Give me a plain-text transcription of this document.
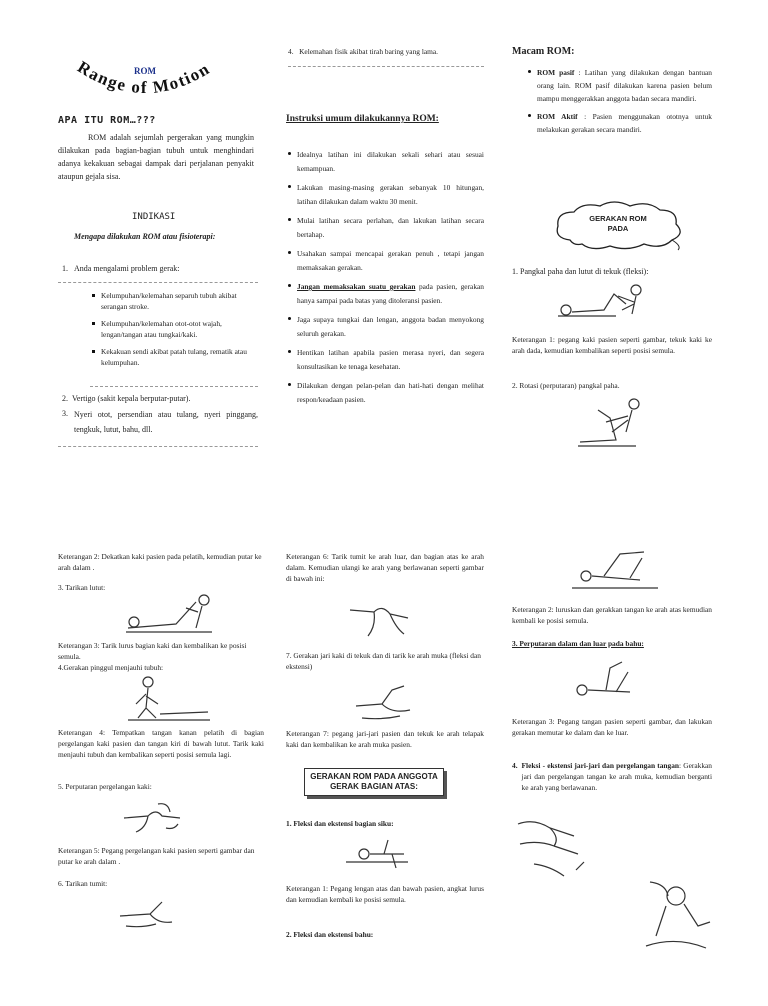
Range of Motion
ROM
APA ITU ROM…???

ROM adalah sejumlah pergerakan yang mungkin dilakukan pada bagian-bagian tubuh untuk menghindari adanya kekakuan sebagai dampak dari perjalanan penyakit ataupun gejala sisa.

INDIKASI
Mengapa dilakukan ROM atau fisioterapi:
1. Anda mengalami problem gerak:
Kelumpuhan/kelemahan separuh tubuh akibat serangan stroke.
Kelumpuhan/kelemahan otot-otot wajah, lengan/tangan atau tungkai/kaki.
Kekakuan sendi akibat patah tulang, rematik atau kelumpuhan.
2.  Vertigo (sakit kepala berputar-putar).
3. Nyeri otot, persendian atau tulang, nyeri pinggang, tengkuk, lutut, bahu, dll.
4.   Kelemahan fisik akibat tirah baring yang lama.
Instruksi umum dilakukannya ROM:
Idealnya latihan ini dilakukan sekali sehari atau sesuai kemampuan.
Lakukan masing-masing gerakan sebanyak 10 hitungan, latihan dilakukan dalam waktu 30 menit.
Mulai latihan secara perlahan, dan lakukan latihan secara bertahap.
Usahakan sampai mencapai gerakan penuh , tetapi jangan memaksakan gerakan.
Jangan memaksakan suatu gerakan pada pasien, gerakan hanya sampai pada batas yang ditoleransi pasien.
Jaga supaya tungkai dan lengan, anggota badan menyokong seluruh gerakan.
Hentikan latihan apabila pasien merasa nyeri, dan segera konsultasikan ke tenaga kesehatan.
Dilakukan dengan pelan-pelan dan hati-hati dengan melihat respon/keadaan pasien.
Macam ROM:
ROM pasif : Latihan yang dilakukan dengan bantuan orang lain. ROM pasif dilakukan karena pasien belum mampu menggerakkan anggota badan secara mandiri.
ROM Aktif : Pasien menggunakan ototnya untuk melakukan gerakan secara mandiri.
GERAKAN ROM PADA
1. Pangkal paha dan lutut di tekuk (fleksi):

Keterangan 1: pegang kaki pasien seperti gambar, tekuk kaki ke arah dada, kemudian kembalikan seperti posisi semula.

2. Rotasi (perputaran) pangkal paha.

Keterangan 2: Dekatkan kaki pasien pada pelatih, kemudian putar ke arah dalam .

3. Tarikan lutut:

Keterangan 3: Tarik lurus bagian kaki dan kembalikan ke posisi semula.

4.Gerakan pinggul menjauhi tubuh:

Keterangan 4: Tempatkan tangan kanan pelatih di bagian pergelangan kaki pasien dan tangan kiri di bawah lutut. Tarik kaki menjauhi tubuh dan kembalikan seperti posisi semula lagi.

5. Perputaran pergelangan kaki:

Keterangan 5: Pegang pergelangan kaki pasien seperti gambar dan putar ke arah dalam .

6. Tarikan tumit:

Keterangan 6: Tarik tumit ke arah luar, dan bagian atas ke arah dalam. Kemudian ulangi ke arah yang berlawanan seperti gambar di bawah ini:

7. Gerakan jari kaki di tekuk dan di tarik ke arah muka (fleksi dan ekstensi)

Keterangan 7: pegang jari-jari pasien dan tekuk ke arah telapak kaki dan kembalikan ke arah muka pasien.

GERAKAN ROM PADA ANGGOTA GERAK BAGIAN ATAS:
1. Fleksi dan ekstensi bagian siku:

Keterangan 1: Pegang lengan atas dan bawah pasien, angkat lurus dan kemudian kembali ke posisi semula.

2. Fleksi dan ekstensi bahu:

Keterangan 2: luruskan dan gerakkan tangan ke arah atas kemudian kembali ke posisi semula.

3. Perputaran dalam dan luar pada bahu:

Keterangan 3: Pegang tangan pasien seperti gambar, dan lakukan gerakan memutar ke dalam dan ke luar.

4. Fleksi - ekstensi jari-jari dan pergelangan tangan: Gerakkan jari dan pergelangan tangan ke arah muka, kemudian berganti ke arah yang berlawanan.
